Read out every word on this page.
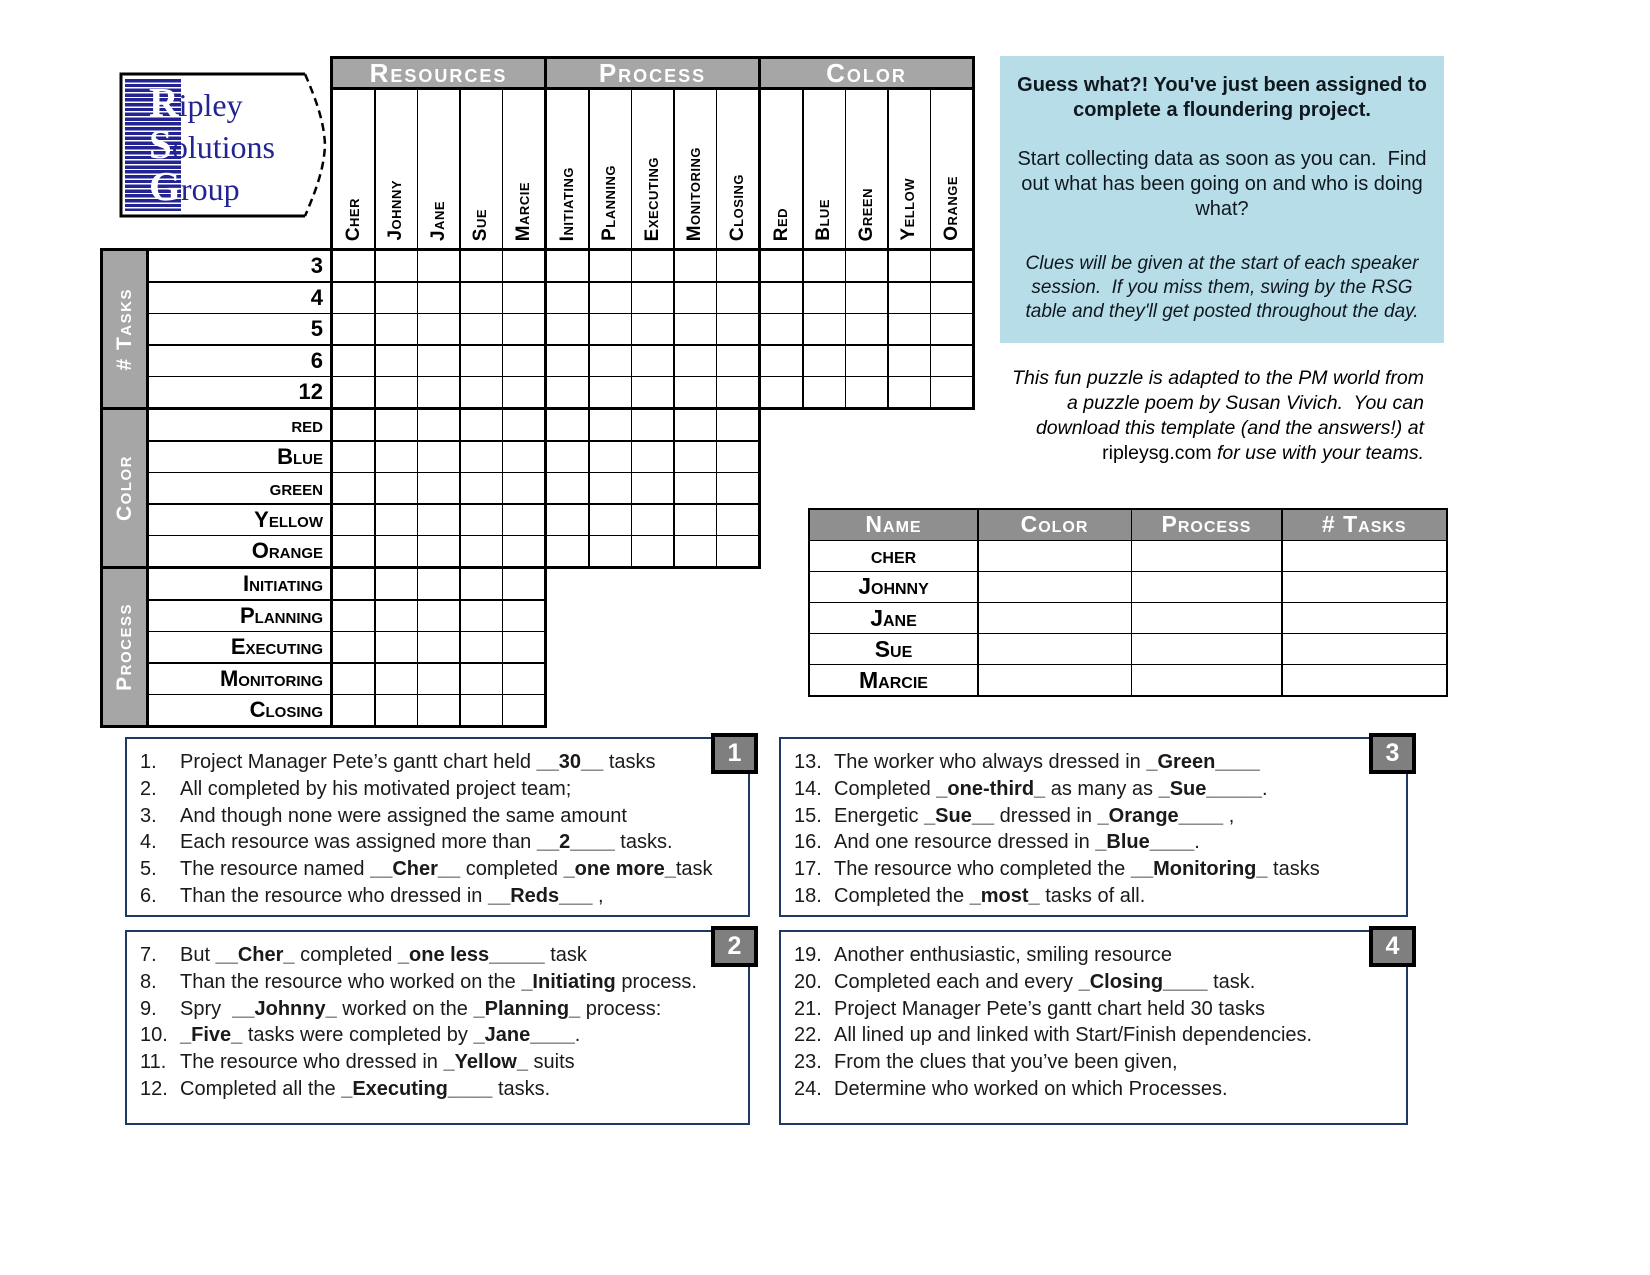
Ripley
Solutions
Group
Resources	Process	Color
Cher Johnny Jane Sue Marcie Initiating Planning Executing Monitoring Closing Red Blue Green Yellow Orange
# Tasks
3
4
5
6
12
Color
red
Blue
green
Yellow
Orange
Process
Initiating
Planning
Executing
Monitoring
Closing

Guess what?! You've just been assigned to complete a floundering project.

Start collecting data as soon as you can.  Find out what has been going on and who is doing what?

Clues will be given at the start of each speaker session.  If you miss them, swing by the RSG table and they'll get posted throughout the day.

This fun puzzle is adapted to the PM world from a puzzle poem by Susan Vivich.  You can download this template (and the answers!) at ripleysg.com for use with your teams.
Name	Color	Process	# Tasks
cher
Johnny
Jane
Sue
Marcie
1
1.	Project Manager Pete’s gantt chart held __30__ tasks
2.	All completed by his motivated project team;
3.	And though none were assigned the same amount
4.	Each resource was assigned more than __2____ tasks.
5.	The resource named __Cher__ completed _one more_task
6.	Than the resource who dressed in __Reds___ ,
2
7.	But __Cher_ completed _one less_____ task
8.	Than the resource who worked on the _Initiating process.
9.	Spry  __Johnny_ worked on the _Planning_ process:
10. _Five_ tasks were completed by _Jane____.
11. The resource who dressed in _Yellow_ suits
12. Completed all the _Executing____ tasks.
3
13. The worker who always dressed in _Green____
14. Completed _one-third_ as many as _Sue_____.
15. Energetic _Sue__ dressed in _Orange____ ,
16. And one resource dressed in _Blue____.
17. The resource who completed the __Monitoring_ tasks
18. Completed the _most_ tasks of all.
4
19. Another enthusiastic, smiling resource
20. Completed each and every _Closing____ task.
21. Project Manager Pete’s gantt chart held 30 tasks
22. All lined up and linked with Start/Finish dependencies.
23. From the clues that you’ve been given,
24. Determine who worked on which Processes.
